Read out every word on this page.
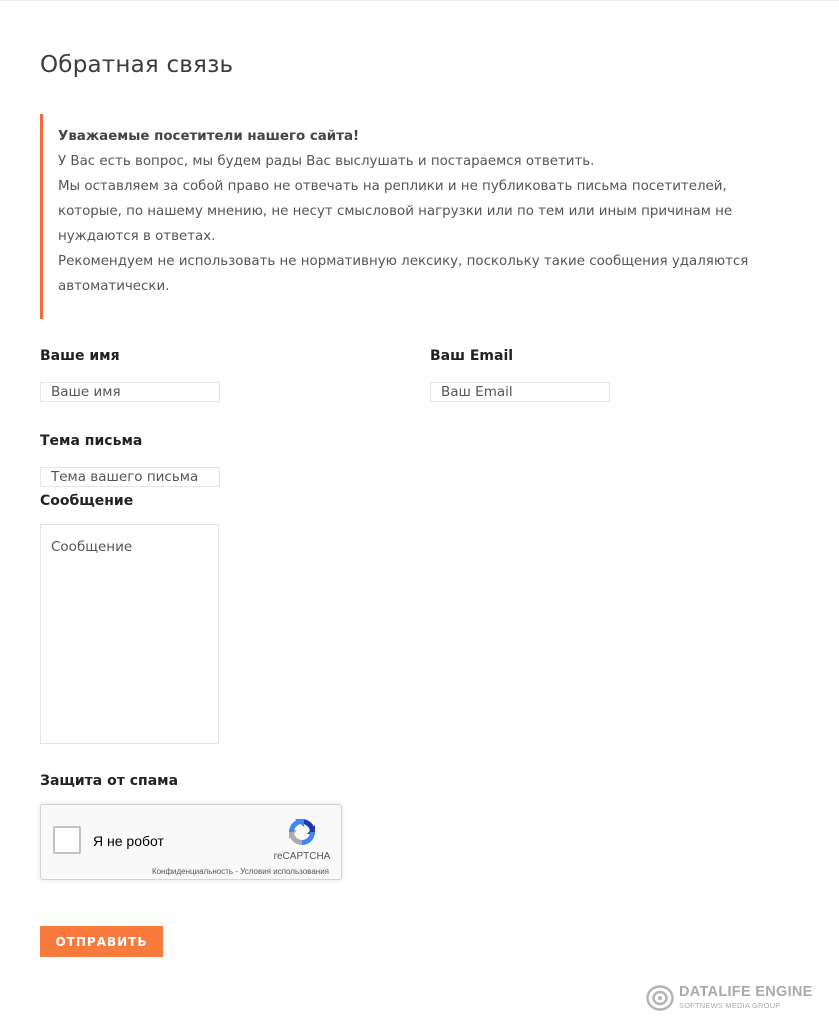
Обратная связь

Уважаемые посетители нашего сайта!

У Вас есть вопрос, мы будем рады Вас выслушать и постараемся ответить.

Мы оставляем за собой право не отвечать на реплики и не публиковать письма посетителей, которые, по нашему мнению, не несут смысловой нагрузки или по тем или иным причинам не нуждаются в ответах.

Рекомендуем не использовать не нормативную лексику, поскольку такие сообщения удаляются автоматически.

Ваше имя
Ваше имя	Ваш Email
Ваш Email
Тема письма
Тема вашего письма
Сообщение
Сообщение
Защита от спама
Я не робот
reCAPTCHA
Конфиденциальность - Условия использования
ОТПРАВИТЬ
DATALIFE ENGINE
SOFTNEWS MEDIA GROUP
